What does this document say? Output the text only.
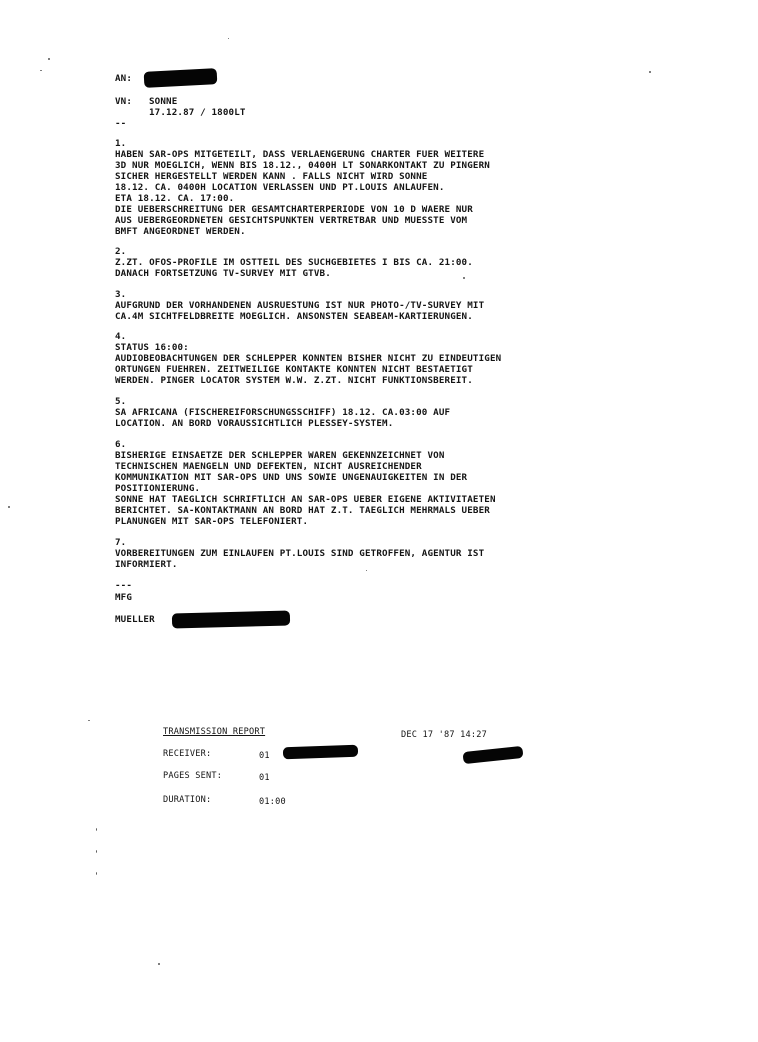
AN:
VN: SONNE
17.12.87 / 1800LT
--
1.
HABEN SAR-OPS MITGETEILT, DASS VERLAENGERUNG CHARTER FUER WEITERE
3D NUR MOEGLICH, WENN BIS 18.12., 0400H LT SONARKONTAKT ZU PINGERN
SICHER HERGESTELLT WERDEN KANN . FALLS NICHT WIRD SONNE
18.12. CA. 0400H LOCATION VERLASSEN UND PT.LOUIS ANLAUFEN.
ETA 18.12. CA. 17:00.
DIE UEBERSCHREITUNG DER GESAMTCHARTERPERIODE VON 10 D WAERE NUR
AUS UEBERGEORDNETEN GESICHTSPUNKTEN VERTRETBAR UND MUESSTE VOM
BMFT ANGEORDNET WERDEN.
2.
Z.ZT. OFOS-PROFILE IM OSTTEIL DES SUCHGEBIETES I BIS CA. 21:00.
DANACH FORTSETZUNG TV-SURVEY MIT GTVB.
3.
AUFGRUND DER VORHANDENEN AUSRUESTUNG IST NUR PHOTO-/TV-SURVEY MIT
CA.4M SICHTFELDBREITE MOEGLICH. ANSONSTEN SEABEAM-KARTIERUNGEN.
4.
STATUS 16:00:
AUDIOBEOBACHTUNGEN DER SCHLEPPER KONNTEN BISHER NICHT ZU EINDEUTIGEN
ORTUNGEN FUEHREN. ZEITWEILIGE KONTAKTE KONNTEN NICHT BESTAETIGT
WERDEN. PINGER LOCATOR SYSTEM W.W. Z.ZT. NICHT FUNKTIONSBEREIT.
5.
SA AFRICANA (FISCHEREIFORSCHUNGSSCHIFF) 18.12. CA.03:00 AUF
LOCATION. AN BORD VORAUSSICHTLICH PLESSEY-SYSTEM.
6.
BISHERIGE EINSAETZE DER SCHLEPPER WAREN GEKENNZEICHNET VON
TECHNISCHEN MAENGELN UND DEFEKTEN, NICHT AUSREICHENDER
KOMMUNIKATION MIT SAR-OPS UND UNS SOWIE UNGENAUIGKEITEN IN DER
POSITIONIERUNG.
SONNE HAT TAEGLICH SCHRIFTLICH AN SAR-OPS UEBER EIGENE AKTIVITAETEN
BERICHTET. SA-KONTAKTMANN AN BORD HAT Z.T. TAEGLICH MEHRMALS UEBER
PLANUNGEN MIT SAR-OPS TELEFONIERT.
7.
VORBEREITUNGEN ZUM EINLAUFEN PT.LOUIS SIND GETROFFEN, AGENTUR IST
INFORMIERT.
---
MFG
MUELLER
TRANSMISSION REPORT	DEC 17 '87 14:27
RECEIVER:	01
PAGES SENT:	01
DURATION:	01:00
